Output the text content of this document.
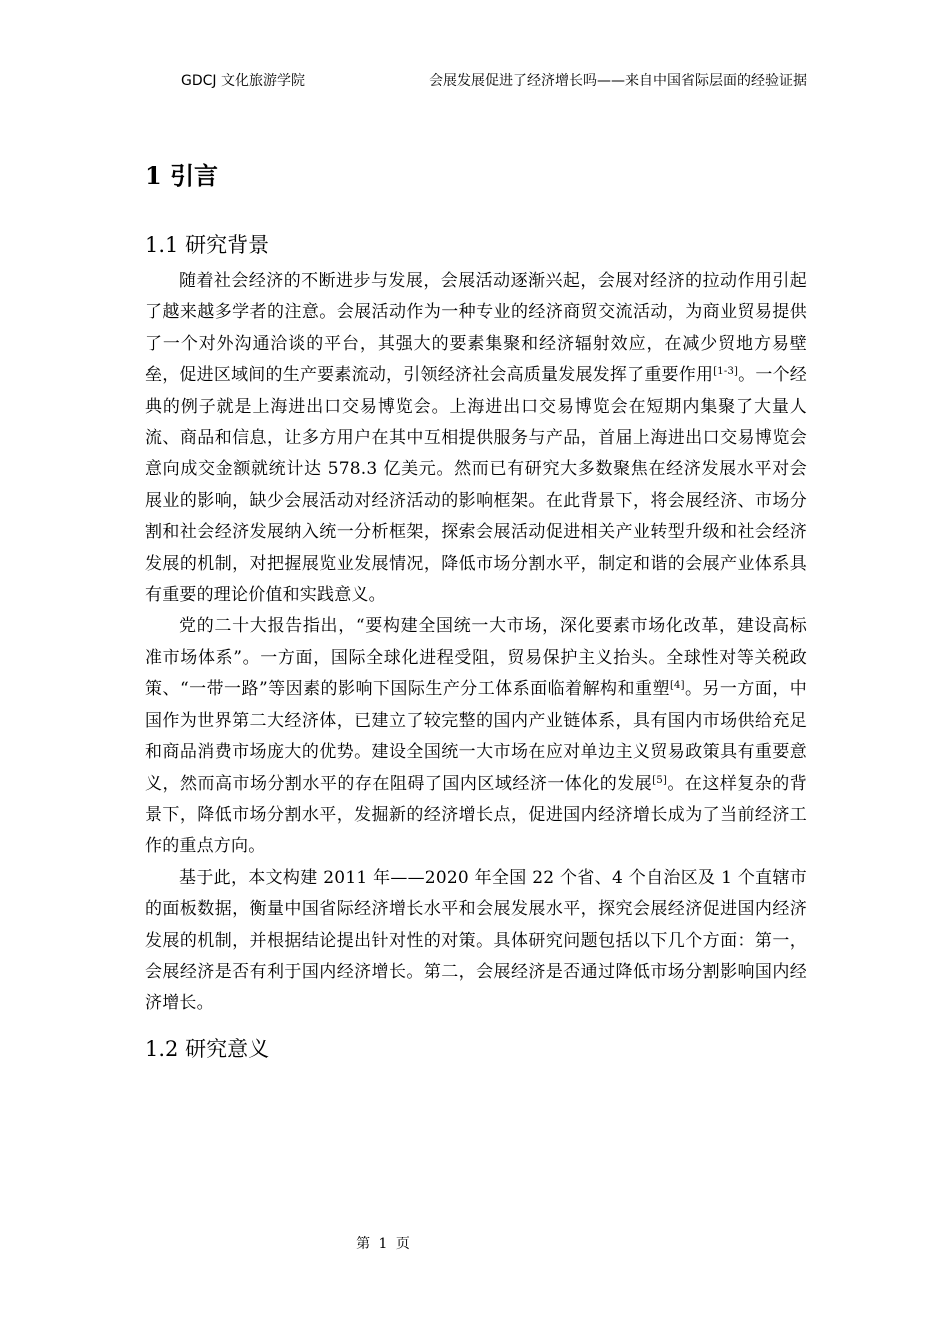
GDCJ 文化旅游学院	会展发展促进了经济增长吗——来自中国省际层面的经验证据
1 引言
1.1 研究背景

随着社会经济的不断进步与发展，会展活动逐渐兴起，会展对经济的拉动作用引起了越来越多学者的注意。会展活动作为一种专业的经济商贸交流活动，为商业贸易提供了一个对外沟通洽谈的平台，其强大的要素集聚和经济辐射效应，在减少贸地方易壁垒，促进区域间的生产要素流动，引领经济社会高质量发展发挥了重要作用[1-3]。一个经典的例子就是上海进出口交易博览会。上海进出口交易博览会在短期内集聚了大量人流、商品和信息，让多方用户在其中互相提供服务与产品，首届上海进出口交易博览会意向成交金额就统计达 578.3 亿美元。然而已有研究大多数聚焦在经济发展水平对会展业的影响，缺少会展活动对经济活动的影响框架。在此背景下，将会展经济、市场分割和社会经济发展纳入统一分析框架，探索会展活动促进相关产业转型升级和社会经济发展的机制，对把握展览业发展情况，降低市场分割水平，制定和谐的会展产业体系具有重要的理论价值和实践意义。

党的二十大报告指出，“要构建全国统一大市场，深化要素市场化改革，建设高标准市场体系”。一方面，国际全球化进程受阻，贸易保护主义抬头。全球性对等关税政策、“一带一路”等因素的影响下国际生产分工体系面临着解构和重塑[4]。另一方面，中国作为世界第二大经济体，已建立了较完整的国内产业链体系，具有国内市场供给充足和商品消费市场庞大的优势。建设全国统一大市场在应对单边主义贸易政策具有重要意义，然而高市场分割水平的存在阻碍了国内区域经济一体化的发展[5]。在这样复杂的背景下，降低市场分割水平，发掘新的经济增长点，促进国内经济增长成为了当前经济工作的重点方向。

基于此，本文构建 2011 年——2020 年全国 22 个省、4 个自治区及 1 个直辖市的面板数据，衡量中国省际经济增长水平和会展发展水平，探究会展经济促进国内经济发展的机制，并根据结论提出针对性的对策。具体研究问题包括以下几个方面：第一，会展经济是否有利于国内经济增长。第二，会展经济是否通过降低市场分割影响国内经济增长。

1.2 研究意义
第 1 页
